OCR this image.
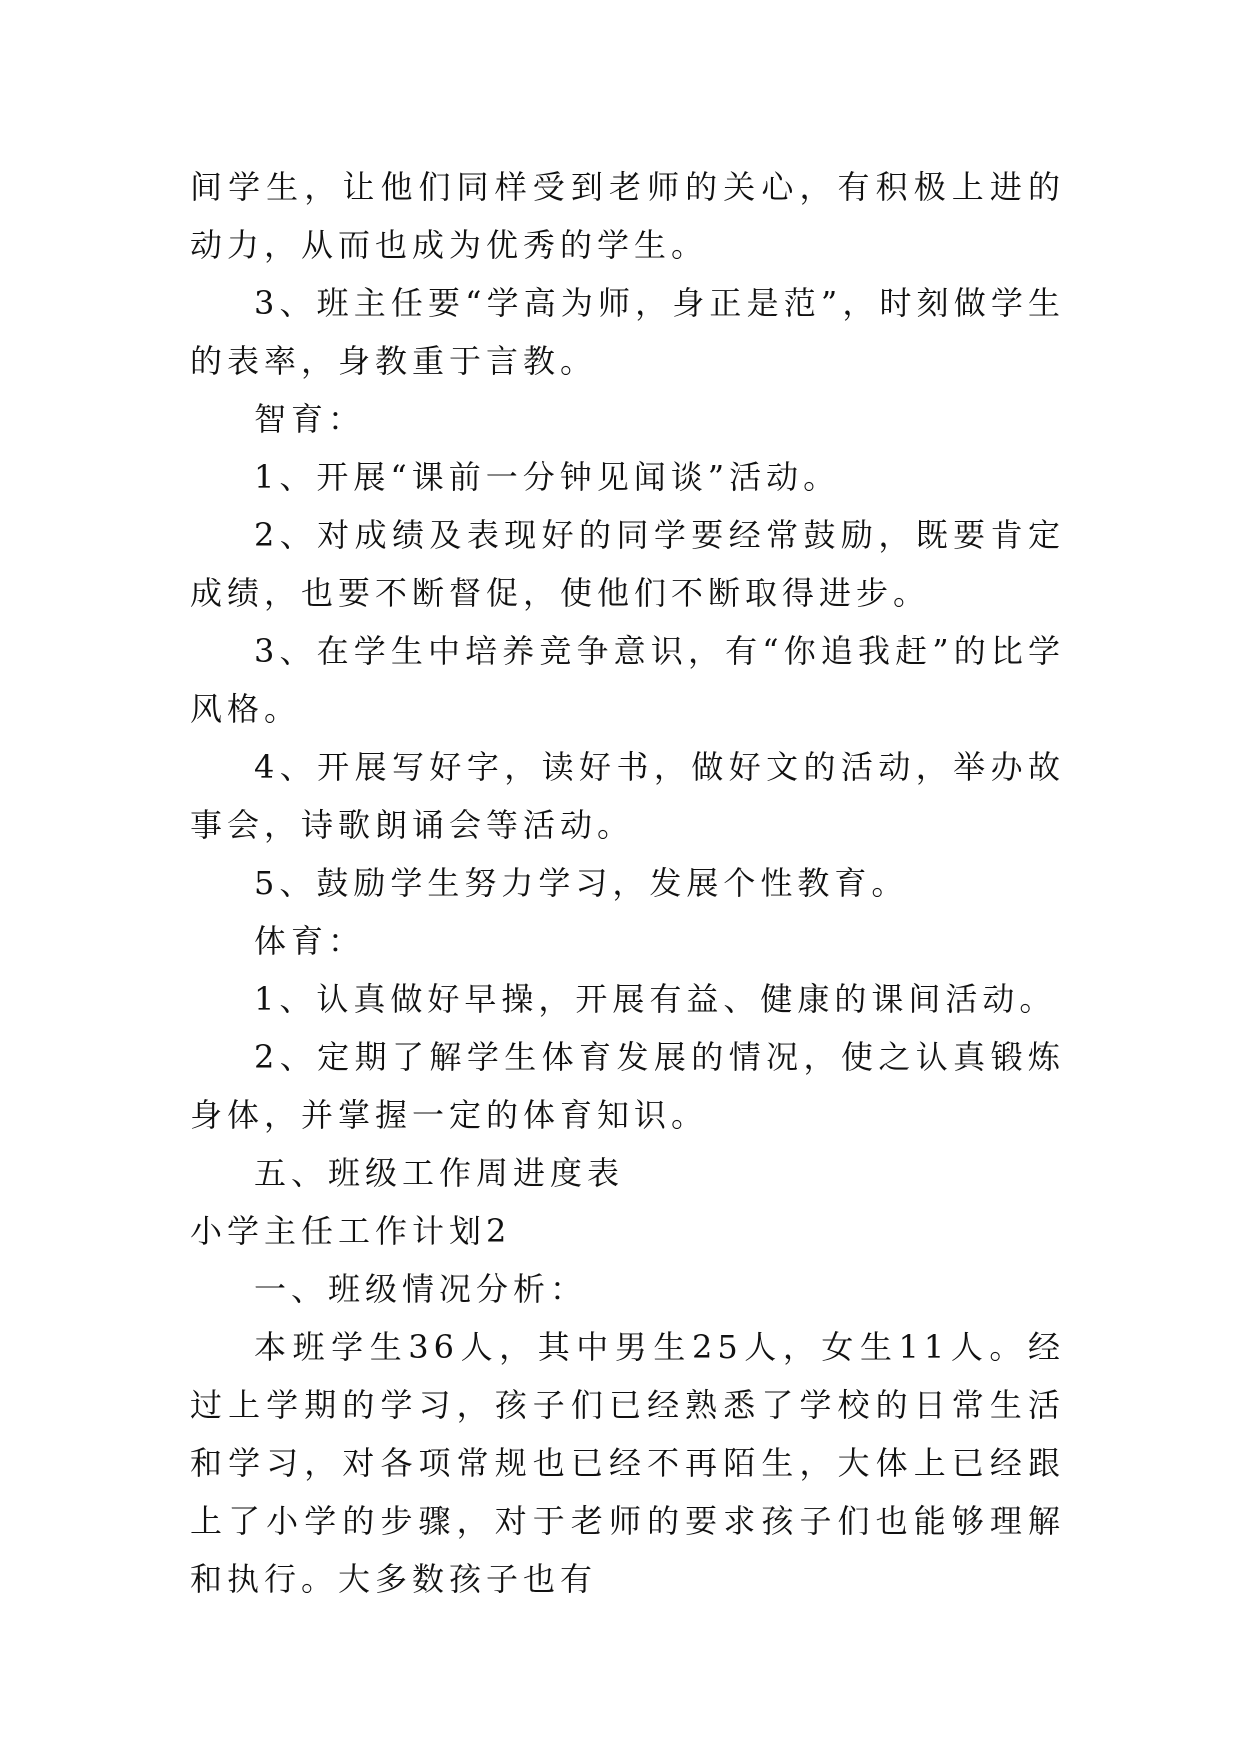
间学生，让他们同样受到老师的关心，有积极上进的动力，从而也成为优秀的学生。

3、班主任要“学高为师，身正是范”，时刻做学生的表率，身教重于言教。

智育：

1、开展“课前一分钟见闻谈”活动。

2、对成绩及表现好的同学要经常鼓励，既要肯定成绩，也要不断督促，使他们不断取得进步。

3、在学生中培养竞争意识，有“你追我赶”的比学风格。

4、开展写好字，读好书，做好文的活动，举办故事会，诗歌朗诵会等活动。

5、鼓励学生努力学习，发展个性教育。

体育：

1、认真做好早操，开展有益、健康的课间活动。

2、定期了解学生体育发展的情况，使之认真锻炼身体，并掌握一定的体育知识。

五、班级工作周进度表

小学主任工作计划2

一、班级情况分析：

本班学生36人，其中男生25人，女生11人。经过上学期的学习，孩子们已经熟悉了学校的日常生活和学习，对各项常规也已经不再陌生，大体上已经跟上了小学的步骤，对于老师的要求孩子们也能够理解和执行。大多数孩子也有
